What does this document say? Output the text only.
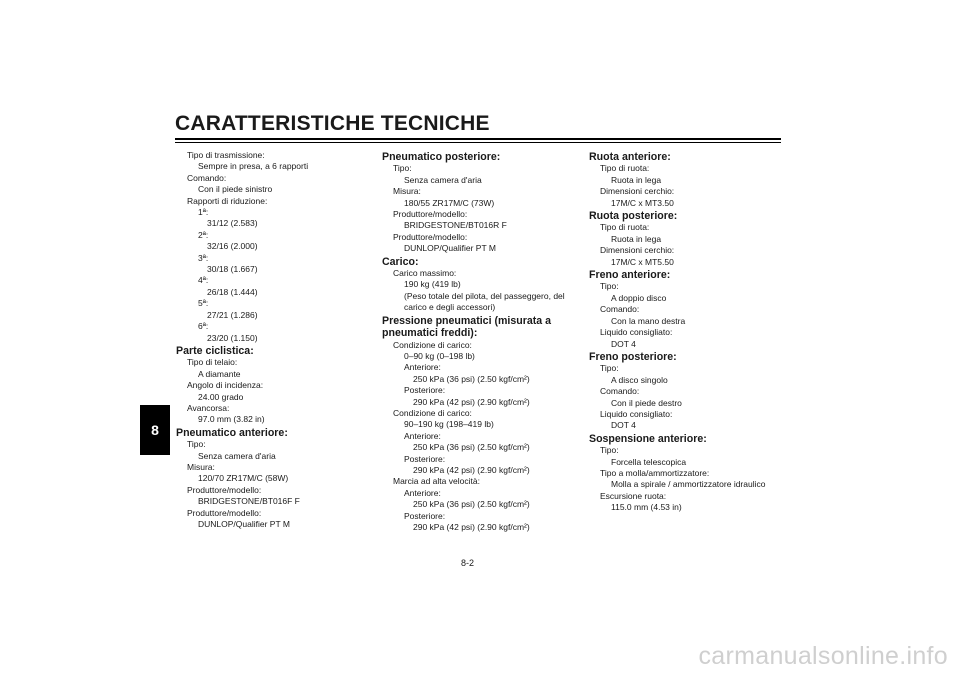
CARATTERISTICHE TECNICHE
8
Tipo di trasmissione:
Sempre in presa, a 6 rapporti
Comando:
Con il piede sinistro
Rapporti di riduzione:
1ª:
31/12 (2.583)
2ª:
32/16 (2.000)
3ª:
30/18 (1.667)
4ª:
26/18 (1.444)
5ª:
27/21 (1.286)
6ª:
23/20 (1.150)
Parte ciclistica:
Tipo di telaio:
A diamante
Angolo di incidenza:
24.00 grado
Avancorsa:
97.0 mm (3.82 in)
Pneumatico anteriore:
Tipo:
Senza camera d'aria
Misura:
120/70 ZR17M/C (58W)
Produttore/modello:
BRIDGESTONE/BT016F F
Produttore/modello:
DUNLOP/Qualifier PT M
Pneumatico posteriore:
Tipo:
Senza camera d'aria
Misura:
180/55 ZR17M/C (73W)
Produttore/modello:
BRIDGESTONE/BT016R F
Produttore/modello:
DUNLOP/Qualifier PT M
Carico:
Carico massimo:
190 kg (419 lb)
(Peso totale del pilota, del passeggero, del
carico e degli accessori)
Pressione pneumatici (misurata a pneumatici freddi):
Condizione di carico:
0–90 kg (0–198 lb)
Anteriore:
250 kPa (36 psi) (2.50 kgf/cm²)
Posteriore:
290 kPa (42 psi) (2.90 kgf/cm²)
Condizione di carico:
90–190 kg (198–419 lb)
Anteriore:
250 kPa (36 psi) (2.50 kgf/cm²)
Posteriore:
290 kPa (42 psi) (2.90 kgf/cm²)
Marcia ad alta velocità:
Anteriore:
250 kPa (36 psi) (2.50 kgf/cm²)
Posteriore:
290 kPa (42 psi) (2.90 kgf/cm²)
Ruota anteriore:
Tipo di ruota:
Ruota in lega
Dimensioni cerchio:
17M/C x MT3.50
Ruota posteriore:
Tipo di ruota:
Ruota in lega
Dimensioni cerchio:
17M/C x MT5.50
Freno anteriore:
Tipo:
A doppio disco
Comando:
Con la mano destra
Liquido consigliato:
DOT 4
Freno posteriore:
Tipo:
A disco singolo
Comando:
Con il piede destro
Liquido consigliato:
DOT 4
Sospensione anteriore:
Tipo:
Forcella telescopica
Tipo a molla/ammortizzatore:
Molla a spirale / ammortizzatore idraulico
Escursione ruota:
115.0 mm (4.53 in)
8-2
carmanualsonline.info
